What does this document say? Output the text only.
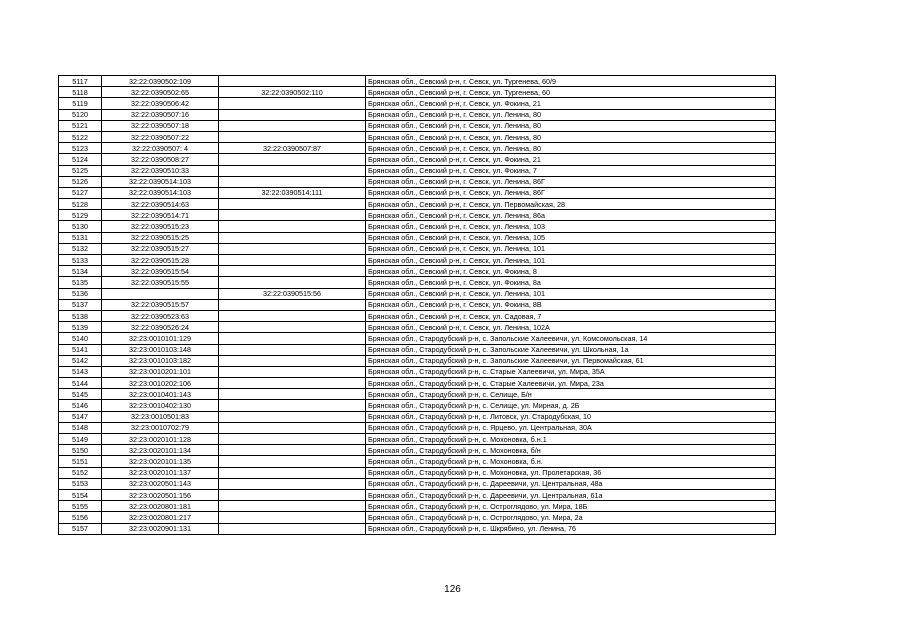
5117	32:22:0390502:109		Брянская обл., Севский р-н, г. Севск, ул. Тургенева, 60/9
5118	32:22:0390502:65	32:22:0390502:110	Брянская обл., Севский р-н, г. Севск, ул. Тургенева, 60
5119	32:22:0390506:42		Брянская обл., Севский р-н, г. Севск, ул. Фокина, 21
5120	32:22:0390507:16		Брянская обл., Севский р-н, г. Севск, ул. Ленина, 80
5121	32:22:0390507:18		Брянская обл., Севский р-н, г. Севск, ул. Ленина, 80
5122	32:22:0390507:22		Брянская обл., Севский р-н, г. Севск, ул. Ленина, 80
5123	32:22:0390507: 4	32:22:0390507:87	Брянская обл., Севский р-н, г. Севск, ул. Ленина, 80
5124	32:22:0390508:27		Брянская обл., Севский р-н, г. Севск, ул. Фокина, 21
5125	32:22:0390510:33		Брянская обл., Севский р-н, г. Севск, ул. Фокина, 7
5126	32:22:0390514:103		Брянская обл., Севский р-н, г. Севск, ул. Ленина, 86Г
5127	32:22:0390514:103	32:22:0390514:111	Брянская обл., Севский р-н, г. Севск, ул. Ленина, 86Г
5128	32:22:0390514:63		Брянская обл., Севский р-н, г. Севск, ул. Первомайская, 28
5129	32:22:0390514:71		Брянская обл., Севский р-н, г. Севск, ул. Ленина, 86а
5130	32:22:0390515:23		Брянская обл., Севский р-н, г. Севск, ул. Ленина, 103
5131	32:22:0390515:25		Брянская обл., Севский р-н, г. Севск, ул. Ленина, 105
5132	32:22:0390515:27		Брянская обл., Севский р-н, г. Севск, ул. Ленина, 101
5133	32:22:0390515:28		Брянская обл., Севский р-н, г. Севск, ул. Ленина, 101
5134	32:22:0390515:54		Брянская обл., Севский р-н, г. Севск, ул. Фокина, 8
5135	32:22:0390515:55		Брянская обл., Севский р-н, г. Севск, ул. Фокина, 8а
5136		32:22:0390515:56	Брянская обл., Севский р-н, г. Севск, ул. Ленина, 101
5137	32:22:0390515:57		Брянская обл., Севский р-н, г. Севск, ул. Фокина, 8В
5138	32:22:0390523:63		Брянская обл., Севский р-н, г. Севск, ул. Садовая, 7
5139	32:22:0390526:24		Брянская обл., Севский р-н, г. Севск, ул. Ленина, 102А
5140	32:23:0010101:129		Брянская обл., Стародубский р-н, с. Запольские Халеевичи, ул. Комсомольская, 14
5141	32:23:0010103:148		Брянская обл., Стародубский р-н, с. Запольские Халеевичи, ул. Школьная, 1а
5142	32:23:0010103:182		Брянская обл., Стародубский р-н, с. Запольские Халеевичи, ул. Первомайская, 61
5143	32:23:0010201:101		Брянская обл., Стародубский р-н, с. Старые Халеевичи, ул. Мира, 35А
5144	32:23:0010202:106		Брянская обл., Стародубский р-н, с. Старые Халеевичи, ул. Мира, 23а
5145	32:23:0010401:143		Брянская обл., Стародубский р-н, с. Селище, Б/н
5146	32:23:0010402:130		Брянская обл., Стародубский р-н, с. Селище, ул. Мирная, д. 2Б
5147	32:23:0010501:83		Брянская обл., Стародубский р-н, с. Литовск, ул. Стародубская, 10
5148	32:23:0010702:79		Брянская обл., Стародубский р-н, с. Ярцево, ул. Центральная, 30А
5149	32:23:0020101:128		Брянская обл., Стародубский р-н, с. Мохоновка, б.н.1
5150	32:23:0020101:134		Брянская обл., Стародубский р-н, с. Мохоновка, б/н
5151	32:23:0020101:135		Брянская обл., Стародубский р-н, с. Мохоновка, б.н.
5152	32:23:0020101:137		Брянская обл., Стародубский р-н, с. Мохоновка, ул. Пролетарская, 36
5153	32:23:0020501:143		Брянская обл., Стародубский р-н, с. Дареевичи, ул. Центральная, 48а
5154	32:23:0020501:156		Брянская обл., Стародубский р-н, с. Дареевичи, ул. Центральная, 61а
5155	32:23:0020801:181		Брянская обл., Стародубский р-н, с. Остроглядово, ул. Мира, 18Б
5156	32:23:0020801:217		Брянская обл., Стародубский р-н, с. Остроглядово, ул. Мира, 2а
5157	32:23:0020901:131		Брянская обл., Стародубский р-н, с. Шкрябино, ул. Ленина, 76
126
